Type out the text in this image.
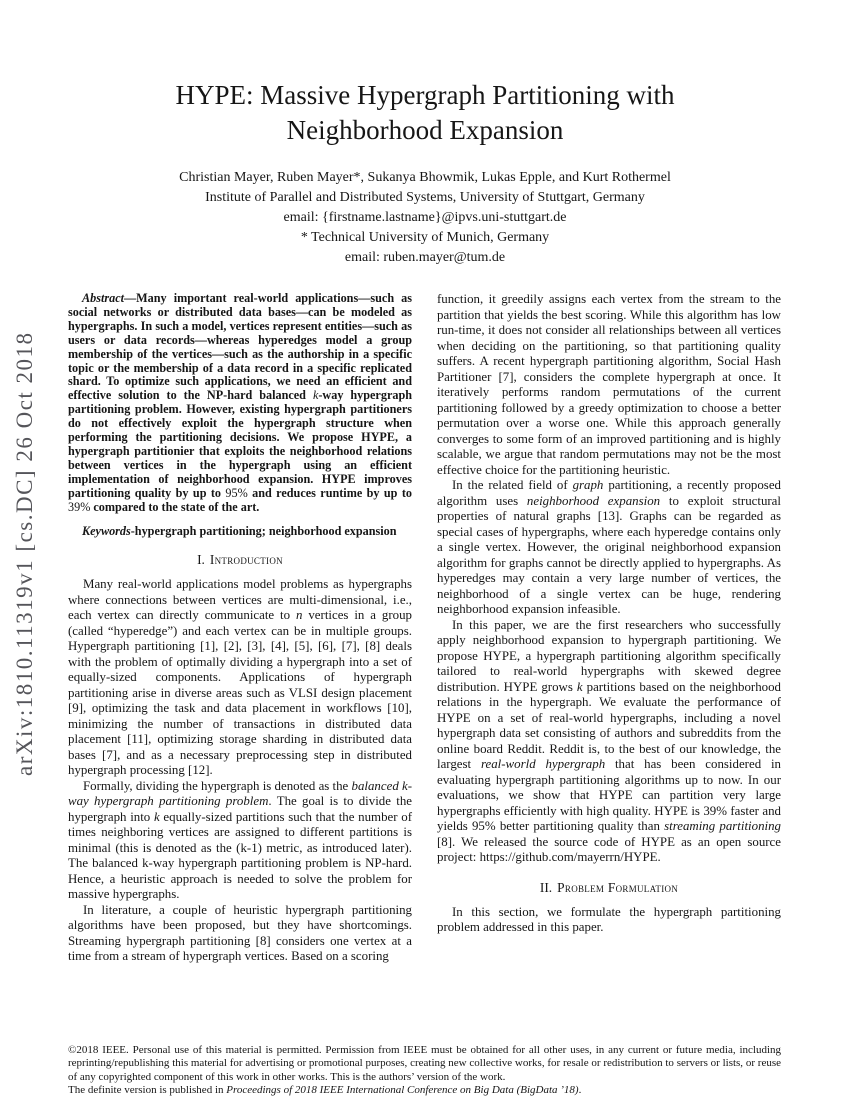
arXiv:1810.11319v1 [cs.DC] 26 Oct 2018
HYPE: Massive Hypergraph Partitioning with
Neighborhood Expansion
Christian Mayer, Ruben Mayer*, Sukanya Bhowmik, Lukas Epple, and Kurt Rothermel
Institute of Parallel and Distributed Systems, University of Stuttgart, Germany
email: {firstname.lastname}@ipvs.uni-stuttgart.de
* Technical University of Munich, Germany
email: ruben.mayer@tum.de

Abstract—Many important real-world applications—such as social networks or distributed data bases—can be modeled as hypergraphs. In such a model, vertices represent entities—such as users or data records—whereas hyperedges model a group membership of the vertices—such as the authorship in a specific topic or the membership of a data record in a specific replicated shard. To optimize such applications, we need an efficient and effective solution to the NP-hard balanced k-way hypergraph partitioning problem. However, existing hypergraph partitioners do not effectively exploit the hypergraph structure when performing the partitioning decisions. We propose HYPE, a hypergraph partitionier that exploits the neighborhood relations between vertices in the hypergraph using an efficient implementation of neighborhood expansion. HYPE improves partitioning quality by up to 95% and reduces runtime by up to 39% compared to the state of the art.

Keywords-hypergraph partitioning; neighborhood expansion

I. Introduction

Many real-world applications model problems as hypergraphs where connections between vertices are multi-dimensional, i.e., each vertex can directly communicate to n vertices in a group (called “hyperedge”) and each vertex can be in multiple groups. Hypergraph partitioning [1], [2], [3], [4], [5], [6], [7], [8] deals with the problem of optimally dividing a hypergraph into a set of equally-sized components. Applications of hypergraph partitioning arise in diverse areas such as VLSI design placement [9], optimizing the task and data placement in workflows [10], minimizing the number of transactions in distributed data placement [11], optimizing storage sharding in distributed data bases [7], and as a necessary preprocessing step in distributed hypergraph processing [12].

Formally, dividing the hypergraph is denoted as the balanced k-way hypergraph partitioning problem. The goal is to divide the hypergraph into k equally-sized partitions such that the number of times neighboring vertices are assigned to different partitions is minimal (this is denoted as the (k-1) metric, as introduced later). The balanced k-way hypergraph partitioning problem is NP-hard. Hence, a heuristic approach is needed to solve the problem for massive hypergraphs.

In literature, a couple of heuristic hypergraph partitioning algorithms have been proposed, but they have shortcomings. Streaming hypergraph partitioning [8] considers one vertex at a time from a stream of hypergraph vertices. Based on a scoring

function, it greedily assigns each vertex from the stream to the partition that yields the best scoring. While this algorithm has low run-time, it does not consider all relationships between all vertices when deciding on the partitioning, so that partitioning quality suffers. A recent hypergraph partitioning algorithm, Social Hash Partitioner [7], considers the complete hypergraph at once. It iteratively performs random permutations of the current partitioning followed by a greedy optimization to choose a better permutation over a worse one. While this approach generally converges to some form of an improved partitioning and is highly scalable, we argue that random permutations may not be the most effective choice for the partitioning heuristic.

In the related field of graph partitioning, a recently proposed algorithm uses neighborhood expansion to exploit structural properties of natural graphs [13]. Graphs can be regarded as special cases of hypergraphs, where each hyperedge contains only a single vertex. However, the original neighborhood expansion algorithm for graphs cannot be directly applied to hypergraphs. As hyperedges may contain a very large number of vertices, the neighborhood of a single vertex can be huge, rendering neighborhood expansion infeasible.

In this paper, we are the first researchers who successfully apply neighborhood expansion to hypergraph partitioning. We propose HYPE, a hypergraph partitioning algorithm specifically tailored to real-world hypergraphs with skewed degree distribution. HYPE grows k partitions based on the neighborhood relations in the hypergraph. We evaluate the performance of HYPE on a set of real-world hypergraphs, including a novel hypergraph data set consisting of authors and subreddits from the online board Reddit. Reddit is, to the best of our knowledge, the largest real-world hypergraph that has been considered in evaluating hypergraph partitioning algorithms up to now. In our evaluations, we show that HYPE can partition very large hypergraphs efficiently with high quality. HYPE is 39% faster and yields 95% better partitioning quality than streaming partitioning [8]. We released the source code of HYPE as an open source project: https://github.com/mayerrn/HYPE.

II. Problem Formulation

In this section, we formulate the hypergraph partitioning problem addressed in this paper.

©2018 IEEE. Personal use of this material is permitted. Permission from IEEE must be obtained for all other uses, in any current or future media, including reprinting/republishing this material for advertising or promotional purposes, creating new collective works, for resale or redistribution to servers or lists, or reuse of any copyrighted component of this work in other works. This is the authors’ version of the work.

The definite version is published in Proceedings of 2018 IEEE International Conference on Big Data (BigData ’18).
